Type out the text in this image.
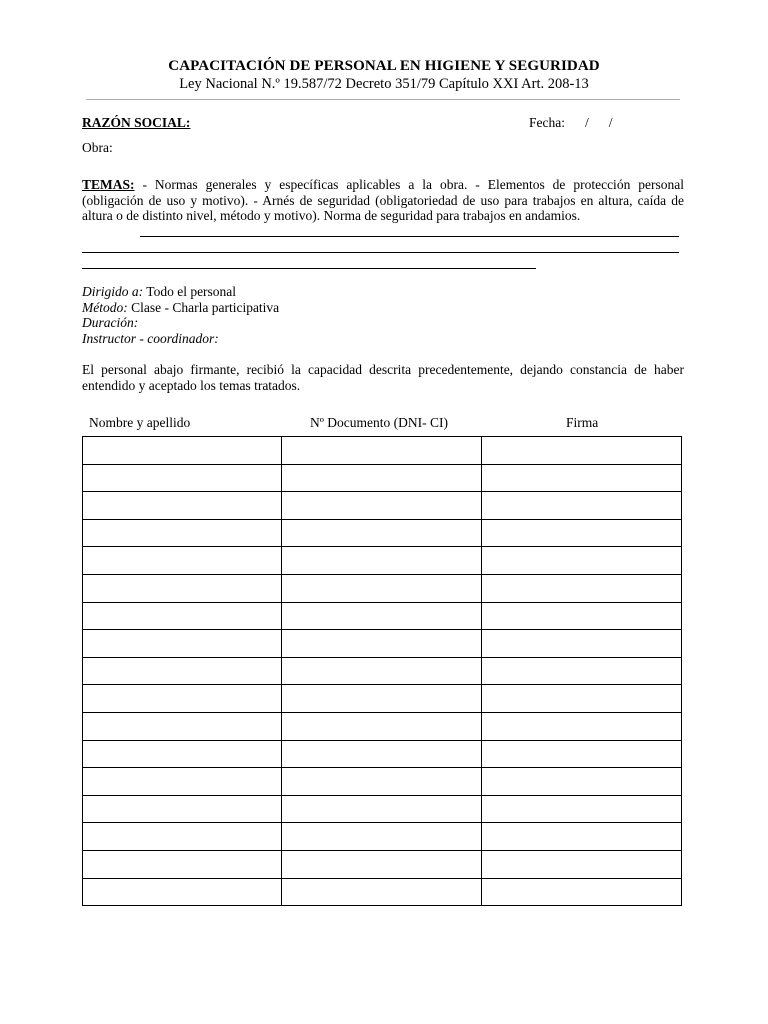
CAPACITACIÓN DE PERSONAL EN HIGIENE Y SEGURIDAD
Ley Nacional N.º 19.587/72 Decreto 351/79 Capítulo XXI Art. 208-13
RAZÓN SOCIAL:	Fecha: / /
Obra:
TEMAS: - Normas generales y específicas aplicables a la obra. - Elementos de protección personal (obligación de uso y motivo). - Arnés de seguridad (obligatoriedad de uso para trabajos en altura, caída de altura o de distinto nivel, método y motivo). Norma de seguridad para trabajos en andamios.
Dirigido a: Todo el personal
Método: Clase - Charla participativa
Duración:
Instructor - coordinador:
El personal abajo firmante, recibió la capacidad descrita precedentemente, dejando constancia de haber entendido y aceptado los temas tratados.
Nombre y apellido	Nº Documento (DNI- CI)	Firma
